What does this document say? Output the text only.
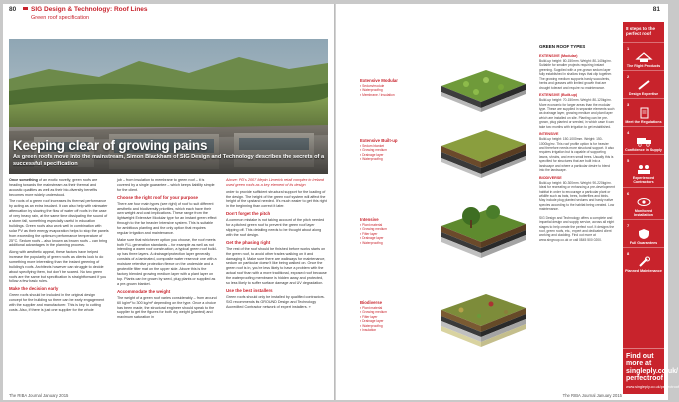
80 SIG Design & Technology: Roof Lines
Green roof specification
Keeping clear of growing pains
As green roofs move into the mainstream, Simon Blackham of SIG Design and Technology describes the secrets of a successful specification

Once something of an exotic novelty, green roofs are heading towards the mainstream as their thermal and acoustic qualities as well as their bio-diversity benefits becomes more widely understood.

The roots of a green roof increases its thermal performance by acting as an extra insulant. It can also help with rainwater attenuation by slowing the flow of water off roofs in the case of very heavy rain, at the same time dissipating the sound of a storm fall, something especially useful in education buildings. Green roofs also work well in combination with solar PV as their energy evaporation helps to stop the panels from exceeding the optimum performance temperature of 25°C. Sedum roofs – also known as brown roofs – can bring additional advantages in the planning process.

Along with aesthetic appeal, these factors have helped increase the popularity of green roofs as clients look to do something more interesting than the instant greening of building's roofs. Architects however can struggle to decide about specifying them, but don't be scared. No two green roofs are the same but specification is straightforward if you follow a few basic rules.

Make the decision early

Green roofs should be included in the original design concept for the building so there can be early engagement with the supplier and manufacturer. This is key to cutting costs. Also, if there is just one supplier for the whole

job – from insulation to membrane to green roof – it is covered by a single guarantee – which keeps liability simple for the client.

Choose the right roof for your purpose

There are four main types (see right) of roof to suit different aesthetic and biodiversity priorities, which each have their own weight and cost implications. These range from the lightweight Extensive Modular type for an instant green effect through to the far heavier Intensive system. This is suitable for ambitious planting and the only option that requires regular irrigation and maintenance.

Make sure that whichever option you choose, the roof meets both FLL generation standards – for example as well as not intending a warm roof construction, a typical green roof build-up has three layers. A drainage/protection layer generally consists of a laminated, composite water reservoir one with a moisture retentive protection fleece on the underside and a geotextile filter mat on the upper side. Above this is the factory blended growing medium layer with a plant layer on top. Plants can be grown by seed, plug plants or supplied as a pre-grown blanket.

Accommodate the weight

The weight of a green roof varies considerably – from around 60 kg/m² to 300 kg/m² depending on the type. Once a choice has been made, the structural engineer should speak to the supplier to get the figures for both dry weight (planted) and maximum saturation in

Above: PD's 2007 Mepin Limerick retail complex in Ireland used green roofs as a key element of its design

order to provide sufficient structural support for the loading of the design. The height of the green roof system will affect the height of the upstand needed. It's much easier to get this right in the beginning than correct it later.

Don't forget the pitch

A common mistake is not taking account of the pitch needed for a pitched green roof to prevent the green roof layer slipping off. This detailing needs to be thought about along with the roof design.

Get the phasing right

The rest of the roof should be finished before works starts on the green roof, to avoid other trades walking on it and damaging it. Make sure there are walkways for maintenance, sedum on particular doesn't like being walked on. Once the green roof is in, you're less likely to have a problem with the actual roof than with a more traditional, exposed roof because the waterproofing membrane is hidden away and protected, so less likely to suffer surface damage and UV degradation.

Use the best installers

Green roofs should only be installed by qualified contractors. SIG recommends its GROUND Design and Technology Accredited Contractor network of expert installers. »

The RIBA Journal January 2015
81
Extensive Modular
▪ Sedum/module
▪ Waterproofing
▪ Membrane / Insulation
Extensive Built-up
▪ Sedum blanket
▪ Growing medium
▪ Drainage layer
▪ Waterproofing
Intensive
▪ Plant material
▪ Growing medium
▪ Filter layer
▪ Drainage layer
▪ Waterproofing
Biodiverse
▪ Plant material
▪ Growing medium
▪ Filter layer
▪ Drainage layer
▪ Waterproofing
▪ Insulation
GREEN ROOF TYPES
EXTENSIVE (Modular)

Build-up height: 80-150mm. Weight: 80-140kg/m². Suitable for smaller projects requiring instant greening. Supplied with a pre-grown sedum layer fully established in shallow trays that clip together. The growing medium supports hardy succulents, herbs and grasses with limited growth that are drought tolerant and require no maintenance.

EXTENSIVE (Built-up)

Build-up height: 70-150mm. Weight: 80-120kg/m². More economic for larger areas than the modular type. These are supplied in separate elements such as drainage layer, growing medium and plant layer which are installed on site. Planting can be pre-grown, plug planted or seeded, in which case it can take two months with irrigation to get established.

INTENSIVE

Build-up height: 150-1000mm. Weight: 150-1000kg/m². This roof profile option is for heavier and therefore needs more structural support. It also requires irrigation but is capable of supporting lawns, shrubs, and even small trees. Usually this is specified for structures that are built into a landscape and where a particular desire to blend into the landscape.

BIODIVERSE

Build-up height: 80-300mm. Weight: 90-220kg/m². Ideal for recreating or enhancing a pre-development habitat in order to encourage a particular plant or wildlife such as bats, bees, butterflies and birds. May include plug planted sedums and hardy native species according to the habitat being created. Low maintenance.

SIG Design and Technology offers a complete and impartial design and supply service, across all eight stages to help create the perfect roof. It designs the roof, green roofs, etc., expert and dedicated client working and cladding. Find out more at www.singroup.co.uk or call 0845 500 0200.

8 steps to the perfect roof
1
The Right Products
2
Design Expertise
3
Meet the Regulations
4
Confidence in Supply
5
Experienced Contractors
6
Monitored Installation
7
Full Guarantees
8
Planned Maintenance
Find out more at singleply.co.uk/ perfectroof
www.singleply.co.uk/perfectroof
The RIBA Journal January 2015
